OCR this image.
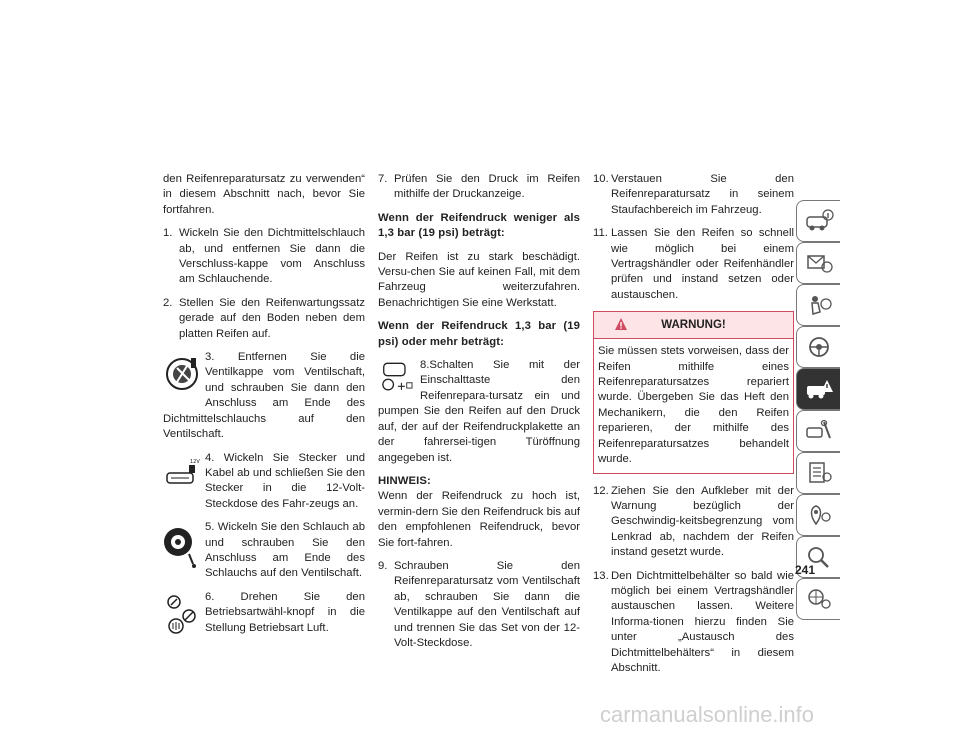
den Reifenreparatursatz zu verwenden“ in diesem Abschnitt nach, bevor Sie fortfahren.

1. Wickeln Sie den Dichtmittelschlauch ab, und entfernen Sie dann die Verschluss-kappe vom Anschluss am Schlauchende.
2. Stellen Sie den Reifenwartungssatz gerade auf den Boden neben dem platten Reifen auf.
3. Entfernen Sie die Ventilkappe vom Ventilschaft, und schrauben Sie dann den Anschluss am Ende des Dichtmittelschlauchs auf den Ventilschaft.
12V 4. Wickeln Sie Stecker und Kabel ab und schließen Sie den Stecker in die 12-Volt-Steckdose des Fahr-zeugs an.
5. Wickeln Sie den Schlauch ab und schrauben Sie den Anschluss am Ende des Schlauchs auf den Ventilschaft.
6. Drehen Sie den Betriebsartwähl-knopf in die Stellung Betriebsart Luft.
7. Prüfen Sie den Druck im Reifen mithilfe der Druckanzeige.

Wenn der Reifendruck weniger als 1,3 bar (19 psi) beträgt:

Der Reifen ist zu stark beschädigt. Versu-chen Sie auf keinen Fall, mit dem Fahrzeug weiterzufahren. Benachrichtigen Sie eine Werkstatt.

Wenn der Reifendruck 1,3 bar (19 psi) oder mehr beträgt:

8.Schalten Sie mit der Einschalttaste den Reifenrepara-tursatz ein und pumpen Sie den Reifen auf den Druck auf, der auf der Reifendruckplakette an der fahrersei-tigen Türöffnung angegeben ist.

HINWEIS:

Wenn der Reifendruck zu hoch ist, vermin-dern Sie den Reifendruck bis auf den empfohlenen Reifendruck, bevor Sie fort-fahren.

9. Schrauben Sie den Reifenreparatursatz vom Ventilschaft ab, schrauben Sie dann die Ventilkappe auf den Ventilschaft auf und trennen Sie das Set von der 12-Volt-Steckdose.
10. Verstauen Sie den Reifenreparatursatz in seinem Staufachbereich im Fahrzeug.
11. Lassen Sie den Reifen so schnell wie möglich bei einem Vertragshändler oder Reifenhändler prüfen und instand setzen oder austauschen.
WARNUNG!
Sie müssen stets vorweisen, dass der Reifen mithilfe eines Reifenreparatursatzes repariert wurde. Übergeben Sie das Heft den Mechanikern, die den Reifen reparieren, der mithilfe des Reifenreparatursatzes behandelt wurde.
12. Ziehen Sie den Aufkleber mit der Warnung bezüglich der Geschwindig-keitsbegrenzung vom Lenkrad ab, nachdem der Reifen instand gesetzt wurde.
13. Den Dichtmittelbehälter so bald wie möglich bei einem Vertragshändler austauschen lassen. Weitere Informa-tionen hierzu finden Sie unter „Austausch des Dichtmittelbehälters“ in diesem Abschnitt.
241
carmanualsonline.info
